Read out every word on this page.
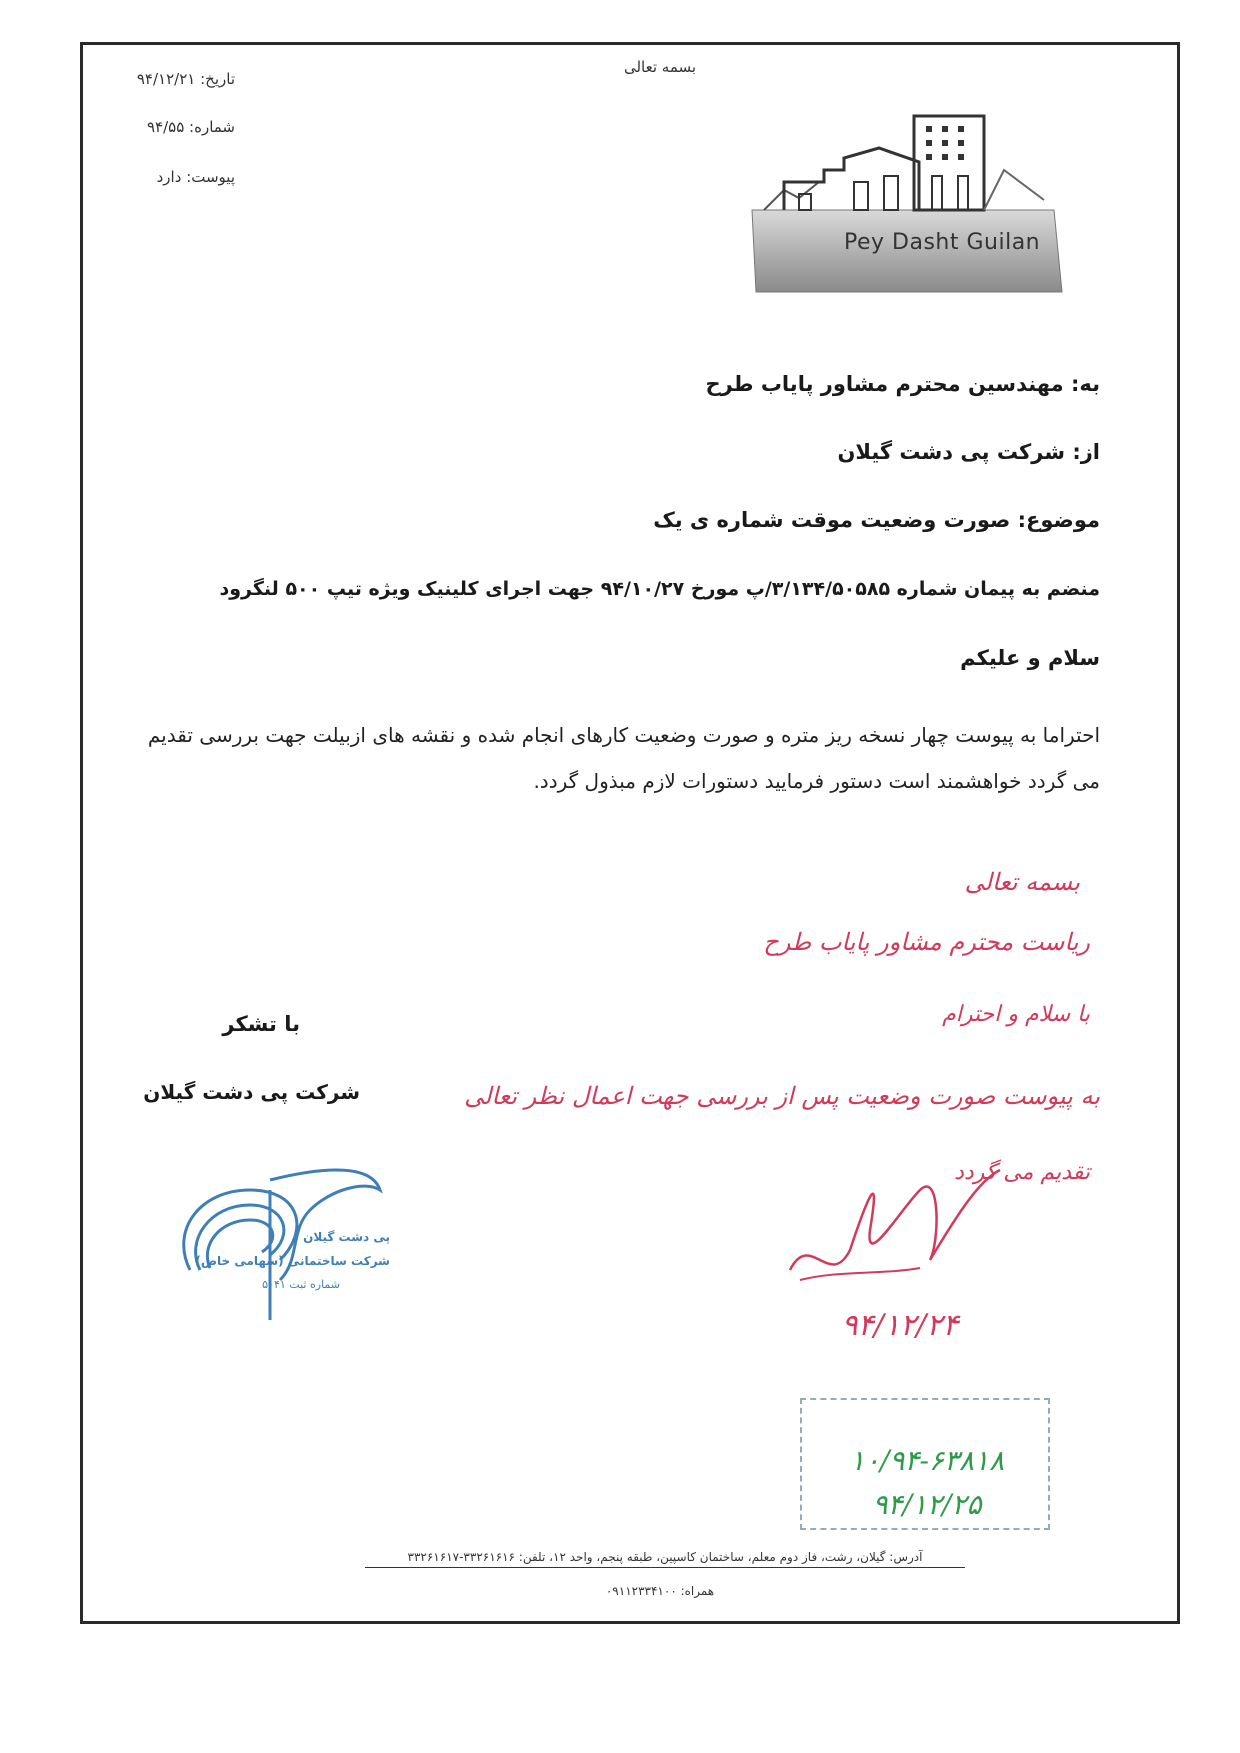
بسمه تعالی
تاریخ: ۹۴/۱۲/۲۱
شماره: ۹۴/۵۵
پیوست: دارد
Pey Dasht Guilan
به: مهندسین محترم مشاور پایاب طرح
از: شرکت پی دشت گیلان
موضوع: صورت وضعیت موقت شماره ی یک
منضم به پیمان شماره ۳/۱۳۴/۵۰۵۸۵/پ مورخ ۹۴/۱۰/۲۷ جهت اجرای کلینیک ویژه تیپ ۵۰۰ لنگرود
سلام و علیکم
احتراما به پیوست چهار نسخه ریز متره و صورت وضعیت کارهای انجام شده و نقشه های ازبیلت جهت بررسی تقدیم
می گردد خواهشمند است دستور فرمایید دستورات لازم مبذول گردد.
با تشکر
شرکت پی دشت گیلان
پی دشت گیلان
شرکت ساختمانی (سهامی خاص)
شماره ثبت ۵۰۴۱
بسمه تعالی
ریاست محترم مشاور پایاب طرح
با سلام و احترام
به پیوست صورت وضعیت پس از بررسی جهت اعمال نظر تعالی
تقدیم می گردد
۹۴/۱۲/۲۴
۱۰/۹۴-۶۳۸۱۸
۹۴/۱۲/۲۵
آدرس: گیلان، رشت، فاز دوم معلم، ساختمان کاسپین، طبقه پنجم، واحد ۱۲، تلفن: ۳۳۲۶۱۶۱۶-۳۳۲۶۱۶۱۷
همراه: ۰۹۱۱۲۳۳۴۱۰۰
